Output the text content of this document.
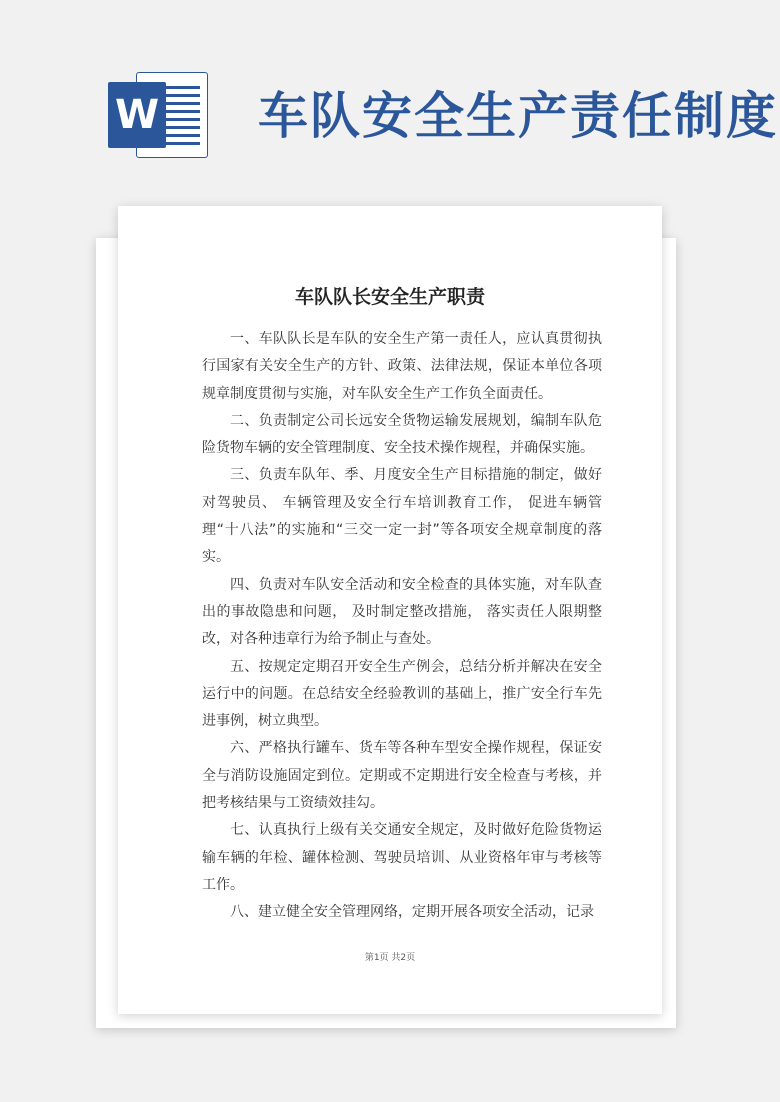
W 车队安全生产责任制度
车队队长安全生产职责

一、车队队长是车队的安全生产第一责任人，应认真贯彻执行国家有关安全生产的方针、政策、法律法规，保证本单位各项规章制度贯彻与实施，对车队安全生产工作负全面责任。

二、负责制定公司长远安全货物运输发展规划，编制车队危险货物车辆的安全管理制度、安全技术操作规程，并确保实施。

三、负责车队年、季、月度安全生产目标措施的制定，做好对驾驶员、 车辆管理及安全行车培训教育工作， 促进车辆管理“十八法”的实施和“三交一定一封”等各项安全规章制度的落实。

四、负责对车队安全活动和安全检查的具体实施，对车队查出的事故隐患和问题， 及时制定整改措施， 落实责任人限期整改，对各种违章行为给予制止与查处。

五、按规定定期召开安全生产例会，总结分析并解决在安全运行中的问题。在总结安全经验教训的基础上，推广安全行车先进事例，树立典型。

六、严格执行罐车、货车等各种车型安全操作规程，保证安全与消防设施固定到位。定期或不定期进行安全检查与考核，并把考核结果与工资绩效挂勾。

七、认真执行上级有关交通安全规定，及时做好危险货物运输车辆的年检、罐体检测、驾驶员培训、从业资格年审与考核等工作。

八、建立健全安全管理网络，定期开展各项安全活动，记录

第1页 共2页
